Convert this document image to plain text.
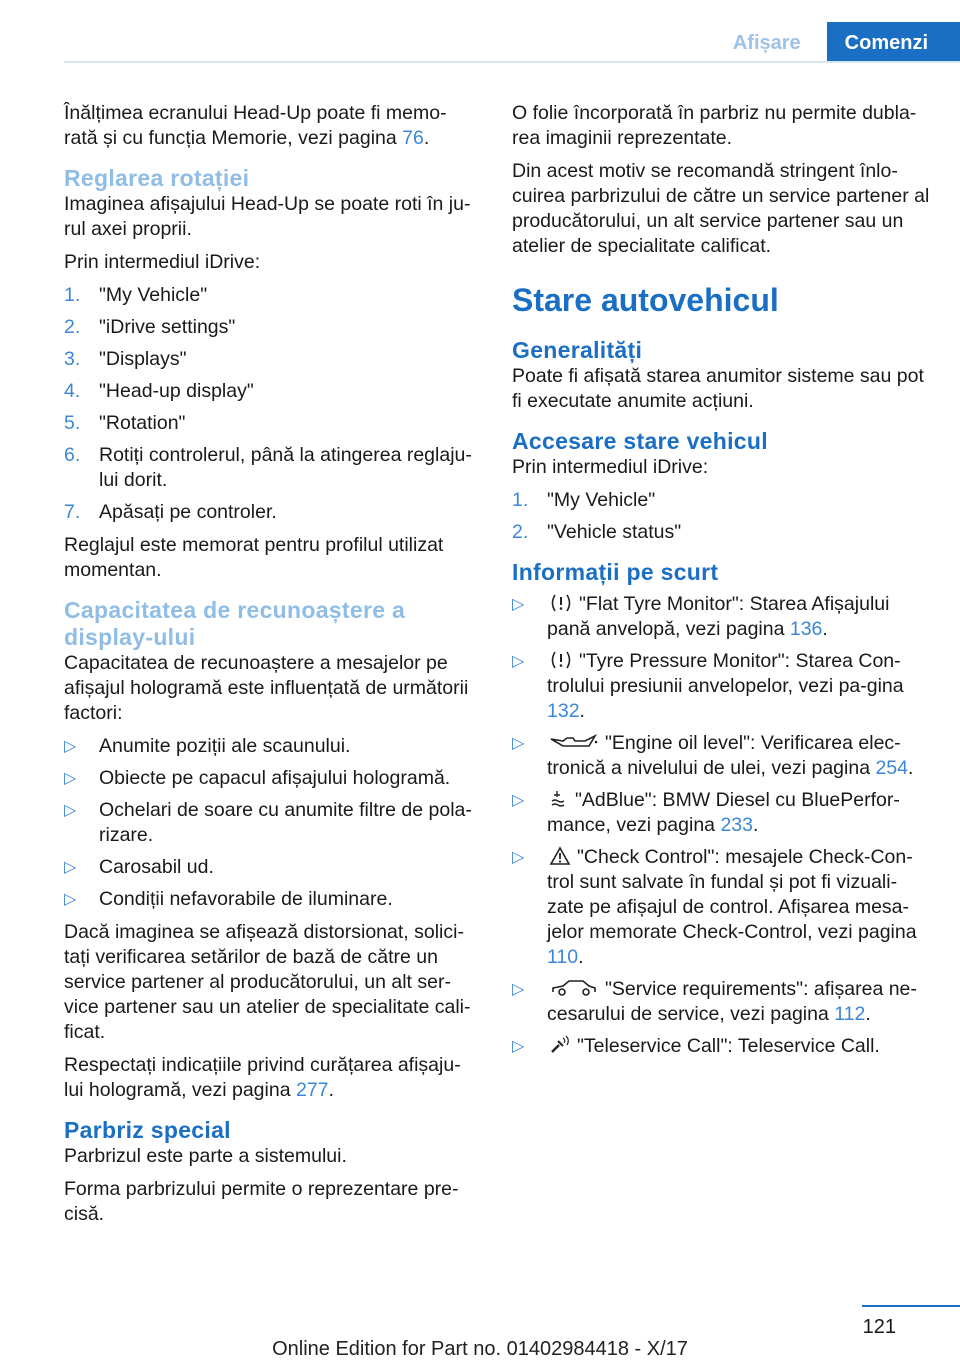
Afișare	Comenzi

Înălțimea ecranului Head-Up poate fi memo-rată și cu funcția Memorie, vezi pagina 76.

Reglarea rotației

Imaginea afișajului Head-Up se poate roti în ju-rul axei proprii.

Prin intermediul iDrive:

1. "My Vehicle"
2. "iDrive settings"
3. "Displays"
4. "Head-up display"
5. "Rotation"
6. Rotiți controlerul, până la atingerea reglaju-lui dorit.
7. Apăsați pe controler.

Reglajul este memorat pentru profilul utilizat momentan.

Capacitatea de recunoaștere a display-ului

Capacitatea de recunoaștere a mesajelor pe afișajul hologramă este influențată de următorii factori:

▷	Anumite poziții ale scaunului.
▷	Obiecte pe capacul afișajului hologramă.
▷	Ochelari de soare cu anumite filtre de pola-rizare.
▷	Carosabil ud.
▷	Condiții nefavorabile de iluminare.

Dacă imaginea se afișează distorsionat, solici-tați verificarea setărilor de bază de către un service partener al producătorului, un alt ser-vice partener sau un atelier de specialitate cali-ficat.

Respectați indicațiile privind curățarea afișaju-lui hologramă, vezi pagina 277.

Parbriz special

Parbrizul este parte a sistemului.

Forma parbrizului permite o reprezentare pre-cisă.

O folie încorporată în parbriz nu permite dubla-rea imaginii reprezentate.

Din acest motiv se recomandă stringent înlo-cuirea parbrizului de către un service partener al producătorului, un alt service partener sau un atelier de specialitate calificat.

Stare autovehicul
Generalități

Poate fi afișată starea anumitor sisteme sau pot fi executate anumite acțiuni.

Accesare stare vehicul

Prin intermediul iDrive:

1. "My Vehicle"
2. "Vehicle status"
Informații pe scurt
▷	"Flat Tyre Monitor": Starea Afișajului pană anvelopă, vezi pagina 136.
▷	"Tyre Pressure Monitor": Starea Con-trolului presiunii anvelopelor, vezi pa-gina 132.
▷	"Engine oil level": Verificarea elec-tronică a nivelului de ulei, vezi pagina 254.
▷	"AdBlue": BMW Diesel cu BluePerfor-mance, vezi pagina 233.
▷	"Check Control": mesajele Check-Con-trol sunt salvate în fundal și pot fi vizuali-zate pe afișajul de control. Afișarea mesa-jelor memorate Check-Control, vezi pagina 110.
▷	"Service requirements": afișarea ne-cesarului de service, vezi pagina 112.
▷	"Teleservice Call": Teleservice Call.
121
Online Edition for Part no. 01402984418 - X/17
